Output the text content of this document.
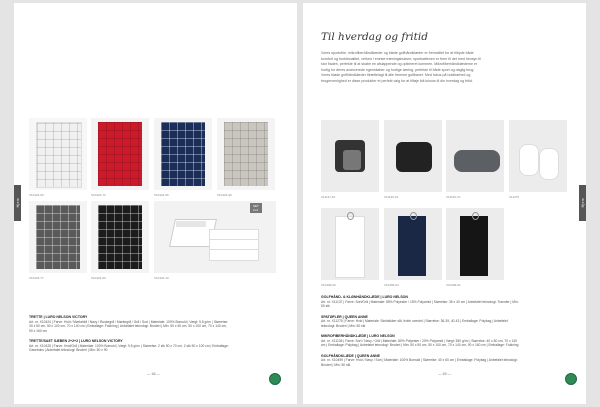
Hjem
X10424-00	X10424-72	X10424-95	X10424-99
X10424-77	X10424-00
SET 2+2
X10424-10
TRETTE | LURO NELSON VICTORY
Art. nr. X10424 | Farve: Hvid / Mørkeblå / Navy / Ruskegrå / Mørkegrå / Grå / Sort | Materiale: 100% Bomuld | Vægt: 9,5 g/m² | Størrelse: 30 x 50 cm, 50 x 100 cm, 70 x 140 cm | Emballage: Foldning | Anbefalet teknologi: Broderi | Min: 50 x 50 cm, 50 x 100 cm, 70 x 140 cm, 90 x 160 cm
TRETTE/SAET SÆBEN 2+2+2 | LURO NELSON VICTORY
Art. nr. X10425 | Farve: Hvid/Grå | Materiale: 100% Bomuld | Vægt: 9,5 g/m² | Størrelse: 2 stk 50 x 70 cm, 2 stk 50 x 100 cm | Emballage: Gaveboks | Anbefalet teknologi: Broderi | Min: 50 x 90
— 66 —
Hjem
Til hverdag og fritid

Vores sportsfrie, mikrofiberhåndklæder og bløde golfhåndklæder er fremstillet for at tilbyde både komfort og funktionalitet, verken i eneste træningsbukser, sportsaftenen er frem til det med hensyn til stor fladen, perfekte til at skabe en afslappende og optimeret kommen. Mikrofiberhåndklæderne er hurtig for deres avancerede egenskaber og hurtige tørring, perfekte til både sport og daglig brug. Vores bløde golfhåndklæder tilrættelagt til alle fremme golfbaner. Med fokus på holdbarhed og brugervenlighed er disse produkter et perfekt valg for at tilføje lidt luksus til din hverdag og fritid.

X11137-01	X11136-01	X11136-70	X11275
X10499-00	X10499-04	X10499-01
GOLFHÅND- & KLØNHÅNDKLÆDE | LURO NELSON
Art. nr. X11137 | Farve: Sort/Grå | Materiale: 85% Polyester / 15% Polyamid | Størrelse: 35 x 40 cm | Anbefalet teknologi: Transfer | Min: 50 stk
SPATØFLER | QUEEN ANNE
Art. nr. X11275 | Farve: Hvid | Materiale: Skridsikker sål, frotté overdel | Størrelse: 36-39, 40-43 | Emballage: Polybag | Anbefalet teknologi: Broderi | Min: 50 stk
MIKROFIBERHÅNDKLÆDE | LURO NELSON
Art. nr. X11136 | Farve: Sort / Navy / Grå | Materiale: 80% Polyester / 20% Polyamid | Vægt: 350 g/m² | Størrelse: 40 x 80 cm, 70 x 140 cm | Emballage: Polybag | Anbefalet teknologi: Broderi | Min: 50 x 50 cm, 50 x 100 cm, 70 x 140 cm, 90 x 160 cm | Emballage: Foldning
GOLFHÅNDKLÆDE | QUEEN ANNE
Art. nr. X10499 | Farve: Hvid / Navy / Sort | Materiale: 100% Bomuld | Størrelse: 40 x 60 cm | Emballage: Polybag | Anbefalet teknologi: Broderi | Min: 50 stk
— 69 —
